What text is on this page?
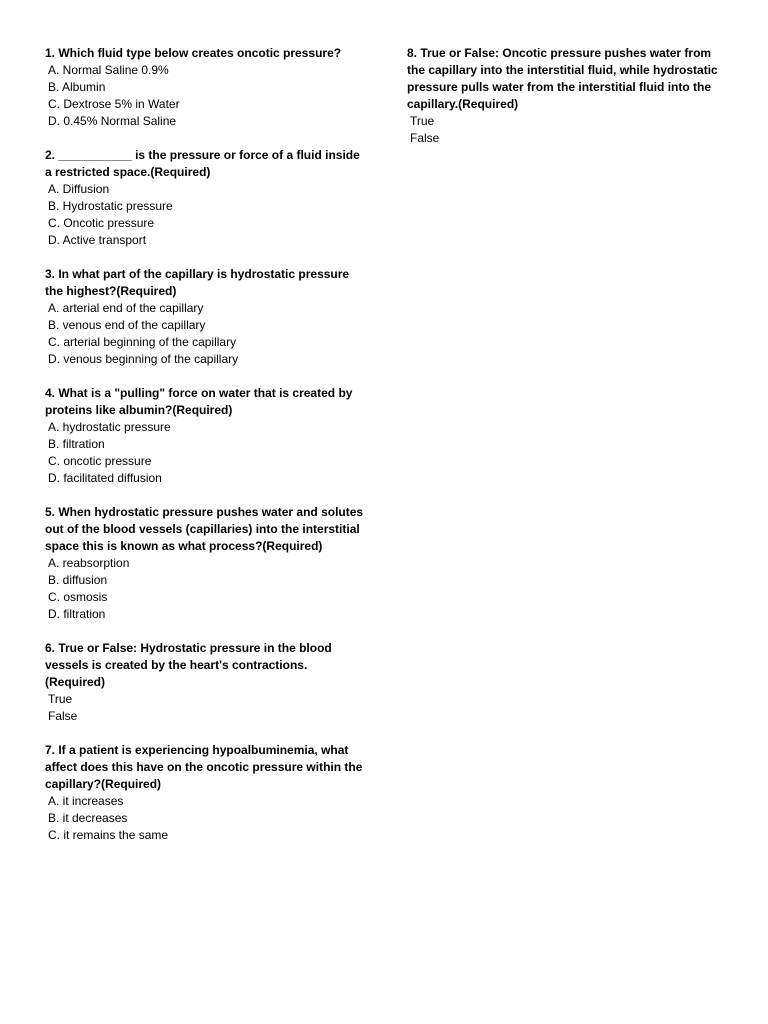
1. Which fluid type below creates oncotic pressure?

A. Normal Saline 0.9%

B. Albumin

C. Dextrose 5% in Water

D. 0.45% Normal Saline

2. ___________ is the pressure or force of a fluid inside a restricted space.(Required)

A. Diffusion

B. Hydrostatic pressure

C. Oncotic pressure

D. Active transport

3. In what part of the capillary is hydrostatic pressure the highest?(Required)

A. arterial end of the capillary

B. venous end of the capillary

C. arterial beginning of the capillary

D. venous beginning of the capillary

4. What is a "pulling" force on water that is created by proteins like albumin?(Required)

A. hydrostatic pressure

B. filtration

C. oncotic pressure

D. facilitated diffusion

5. When hydrostatic pressure pushes water and solutes out of the blood vessels (capillaries) into the interstitial space this is known as what process?(Required)

A. reabsorption

B. diffusion

C. osmosis

D. filtration

6. True or False: Hydrostatic pressure in the blood vessels is created by the heart's contractions.(Required)

True

False

7. If a patient is experiencing hypoalbuminemia, what affect does this have on the oncotic pressure within the capillary?(Required)

A. it increases

B. it decreases

C. it remains the same

8. True or False: Oncotic pressure pushes water from the capillary into the interstitial fluid, while hydrostatic pressure pulls water from the interstitial fluid into the capillary.(Required)

True

False
